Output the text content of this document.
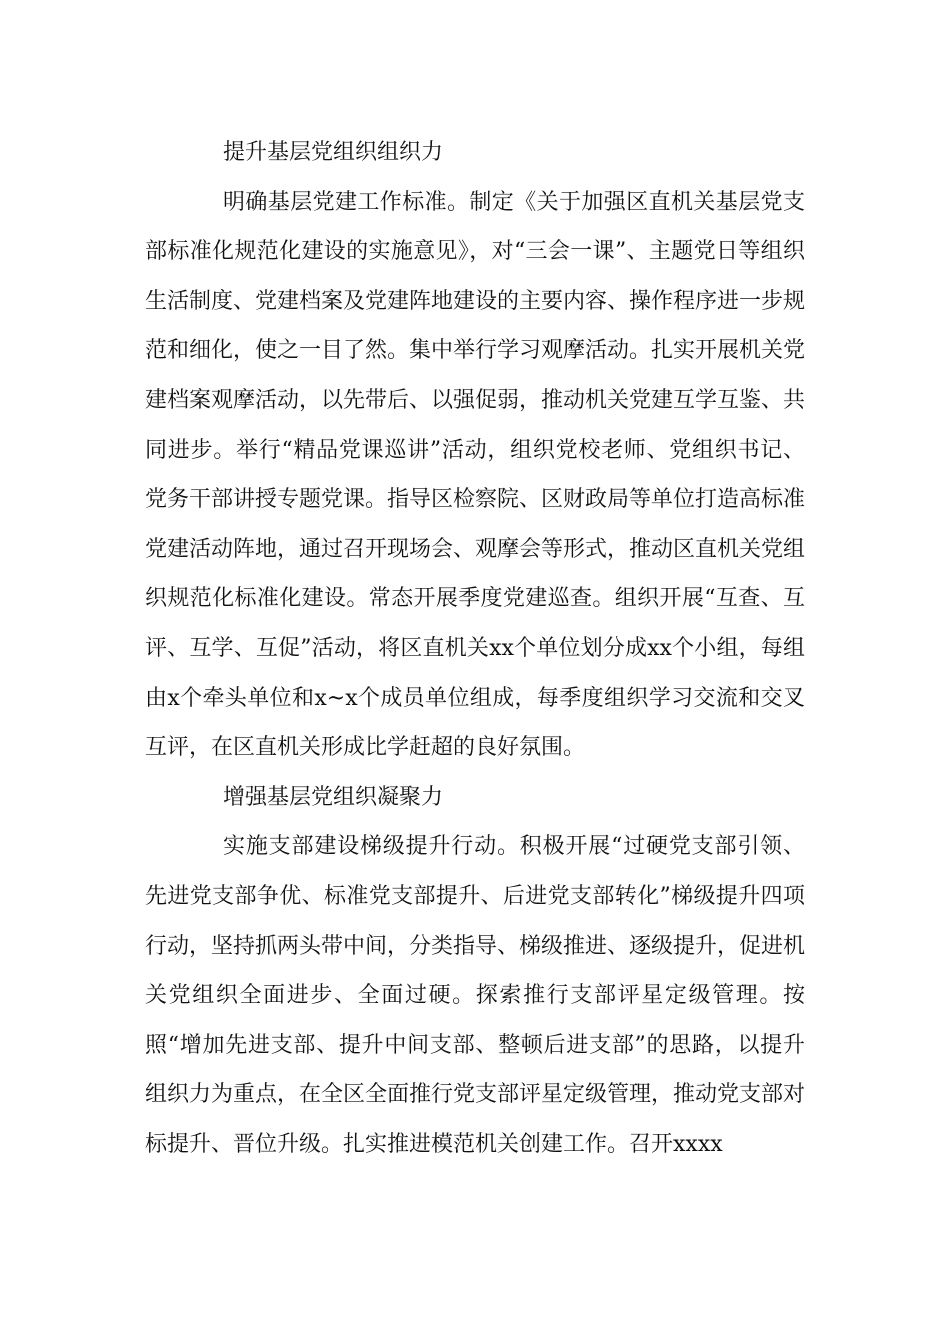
提升基层党组织组织力

明确基层党建工作标准。制定《关于加强区直机关基层党支部标准化规范化建设的实施意见》，对“三会一课”、主题党日等组织生活制度、党建档案及党建阵地建设的主要内容、操作程序进一步规范和细化，使之一目了然。集中举行学习观摩活动。扎实开展机关党建档案观摩活动，以先带后、以强促弱，推动机关党建互学互鉴、共同进步。举行“精品党课巡讲”活动，组织党校老师、党组织书记、党务干部讲授专题党课。指导区检察院、区财政局等单位打造高标准党建活动阵地，通过召开现场会、观摩会等形式，推动区直机关党组织规范化标准化建设。常态开展季度党建巡查。组织开展“互查、互评、互学、互促”活动，将区直机关xx个单位划分成xx个小组，每组由x个牵头单位和x~x个成员单位组成，每季度组织学习交流和交叉互评，在区直机关形成比学赶超的良好氛围。

增强基层党组织凝聚力

实施支部建设梯级提升行动。积极开展“过硬党支部引领、先进党支部争优、标准党支部提升、后进党支部转化”梯级提升四项行动，坚持抓两头带中间，分类指导、梯级推进、逐级提升，促进机关党组织全面进步、全面过硬。探索推行支部评星定级管理。按照“增加先进支部、提升中间支部、整顿后进支部”的思路，以提升组织力为重点，在全区全面推行党支部评星定级管理，推动党支部对标提升、晋位升级。扎实推进模范机关创建工作。召开xxxx
